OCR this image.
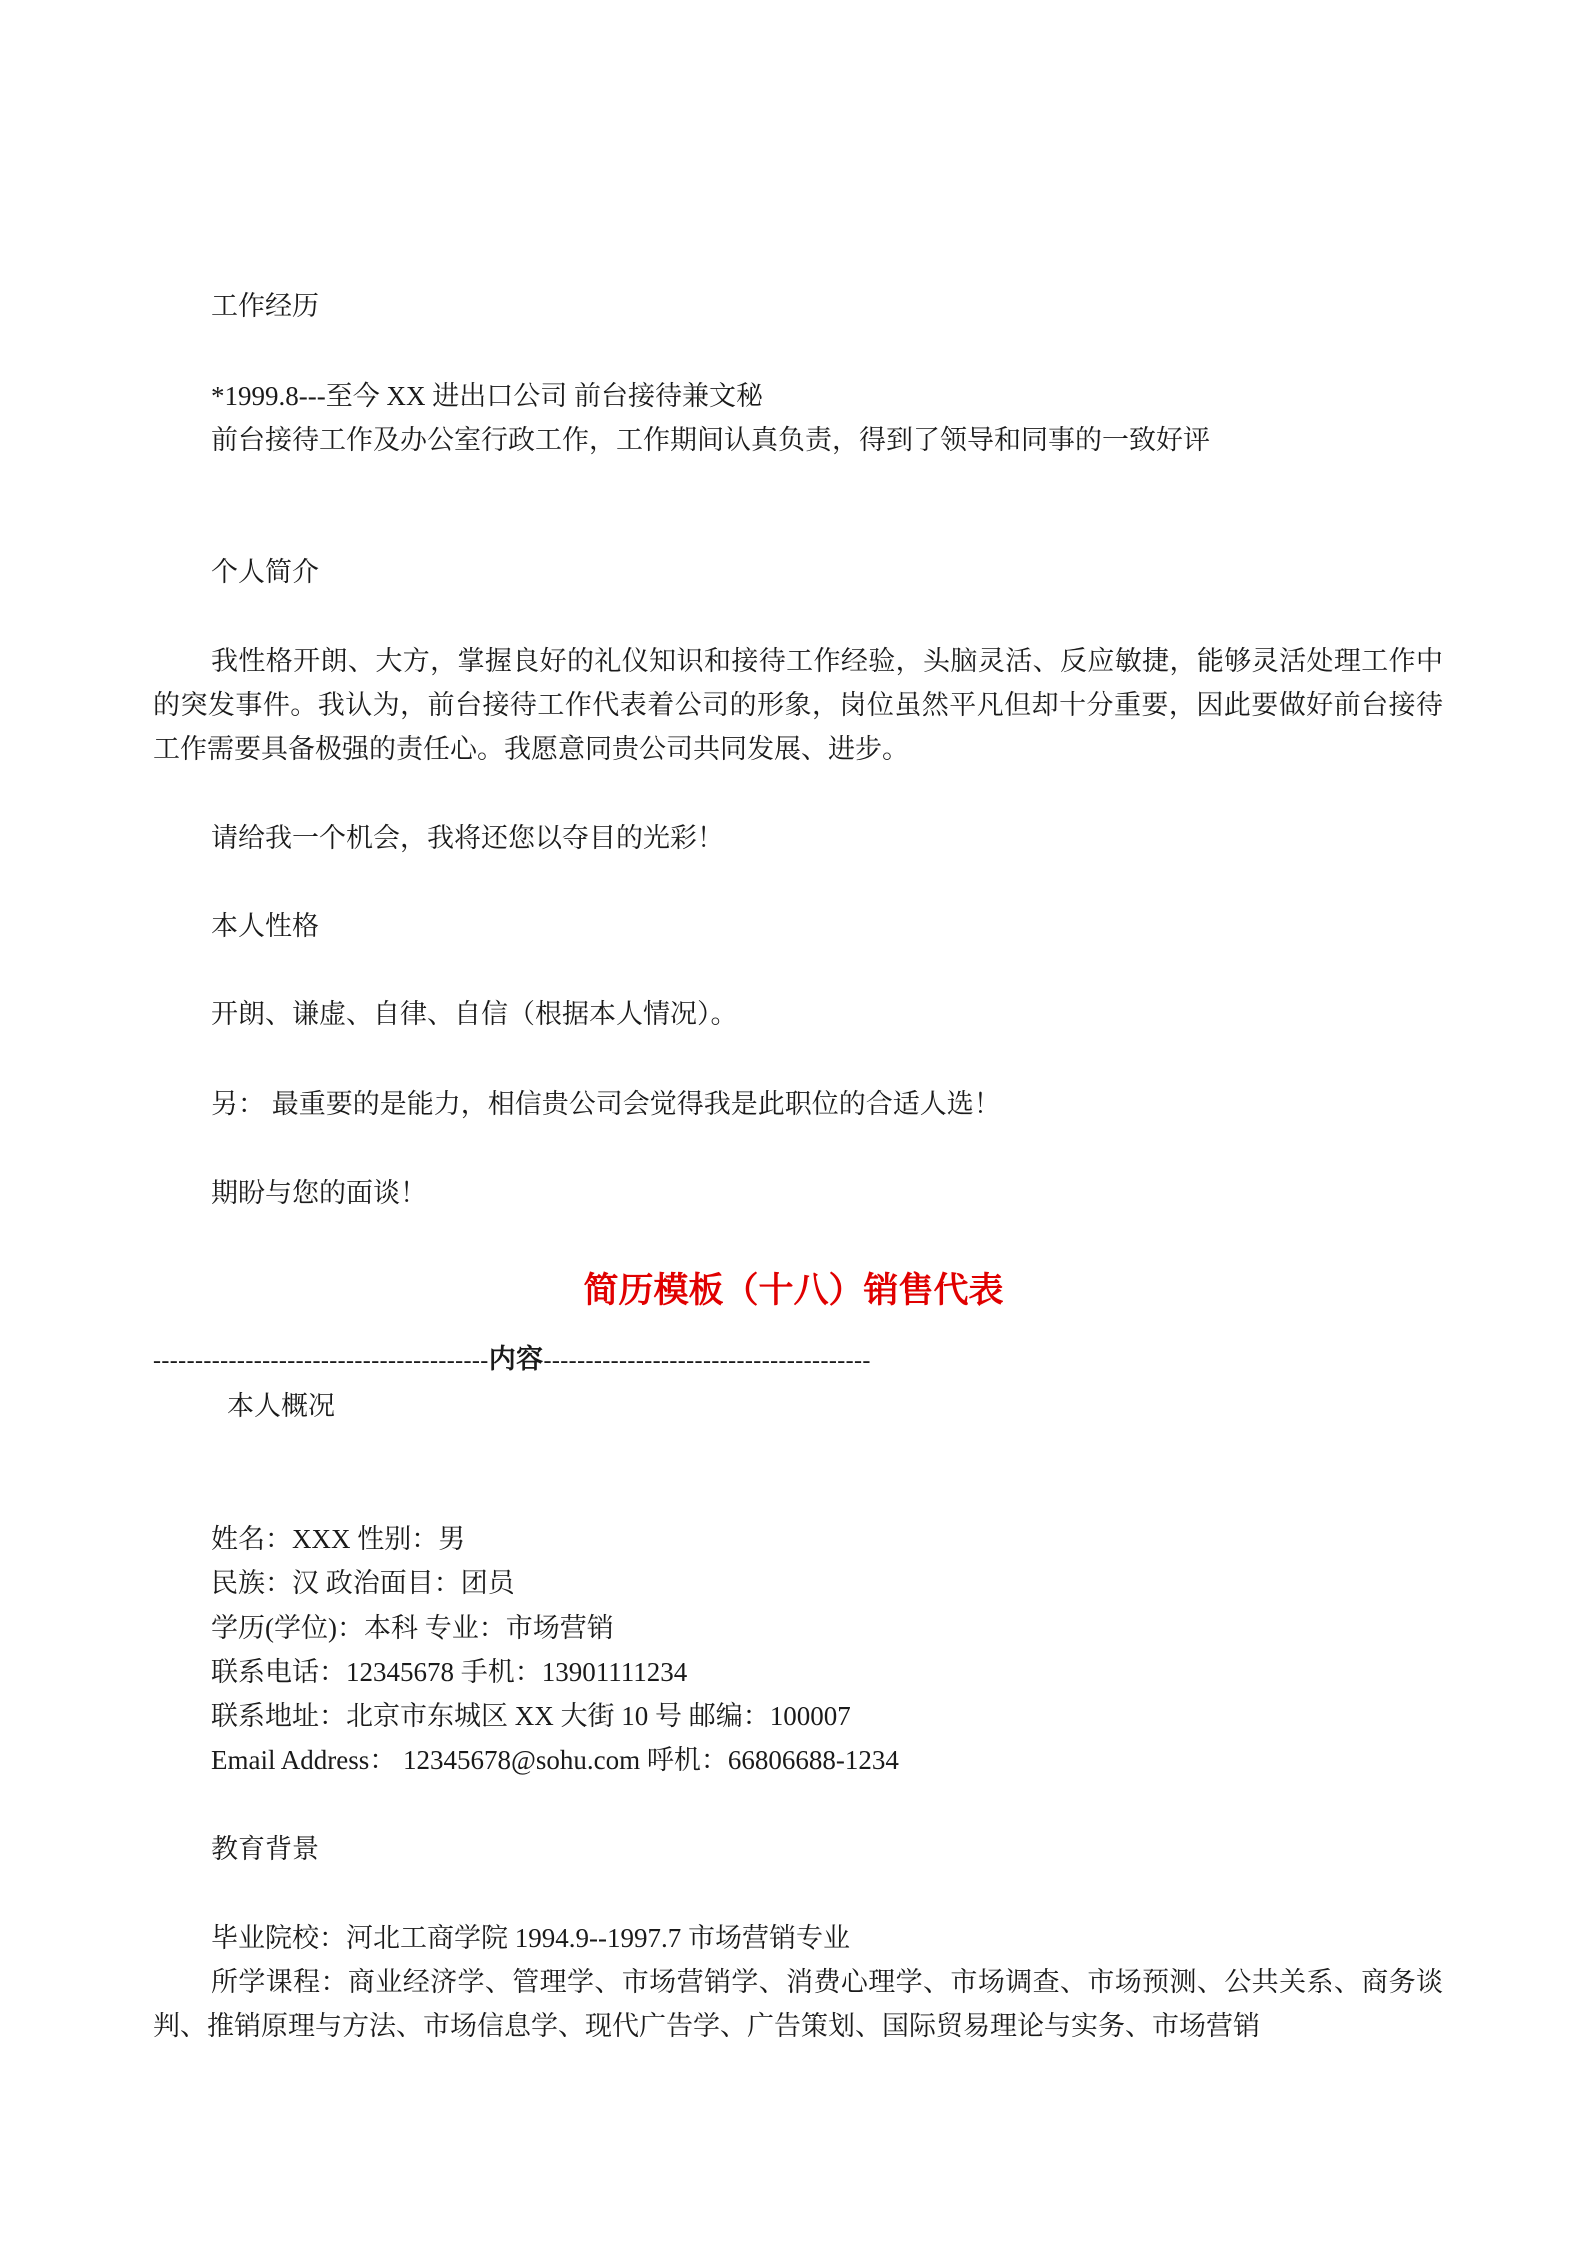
工作经历
*1999.8---至今 XX 进出口公司 前台接待兼文秘
前台接待工作及办公室行政工作，工作期间认真负责，得到了领导和同事的一致好评
个人简介
我性格开朗、大方，掌握良好的礼仪知识和接待工作经验，头脑灵活、反应敏捷，能够灵活处理工作中的突发事件。我认为，前台接待工作代表着公司的形象，岗位虽然平凡但却十分重要，因此要做好前台接待工作需要具备极强的责任心。我愿意同贵公司共同发展、进步。
请给我一个机会，我将还您以夺目的光彩！
本人性格
开朗、谦虚、自律、自信（根据本人情况）。
另： 最重要的是能力，相信贵公司会觉得我是此职位的合适人选！
期盼与您的面谈！
简历模板（十八）销售代表
----------------------------------------内容---------------------------------------
本人概况
姓名：XXX 性别：男
民族：汉 政治面目：团员
学历(学位)：本科 专业：市场营销
联系电话：12345678 手机：13901111234
联系地址：北京市东城区 XX 大街 10 号 邮编：100007
Email Address： 12345678@sohu.com 呼机：66806688-1234
教育背景
毕业院校：河北工商学院 1994.9--1997.7 市场营销专业
所学课程：商业经济学、管理学、市场营销学、消费心理学、市场调查、市场预测、公共关系、商务谈判、推销原理与方法、市场信息学、现代广告学、广告策划、国际贸易理论与实务、市场营销
